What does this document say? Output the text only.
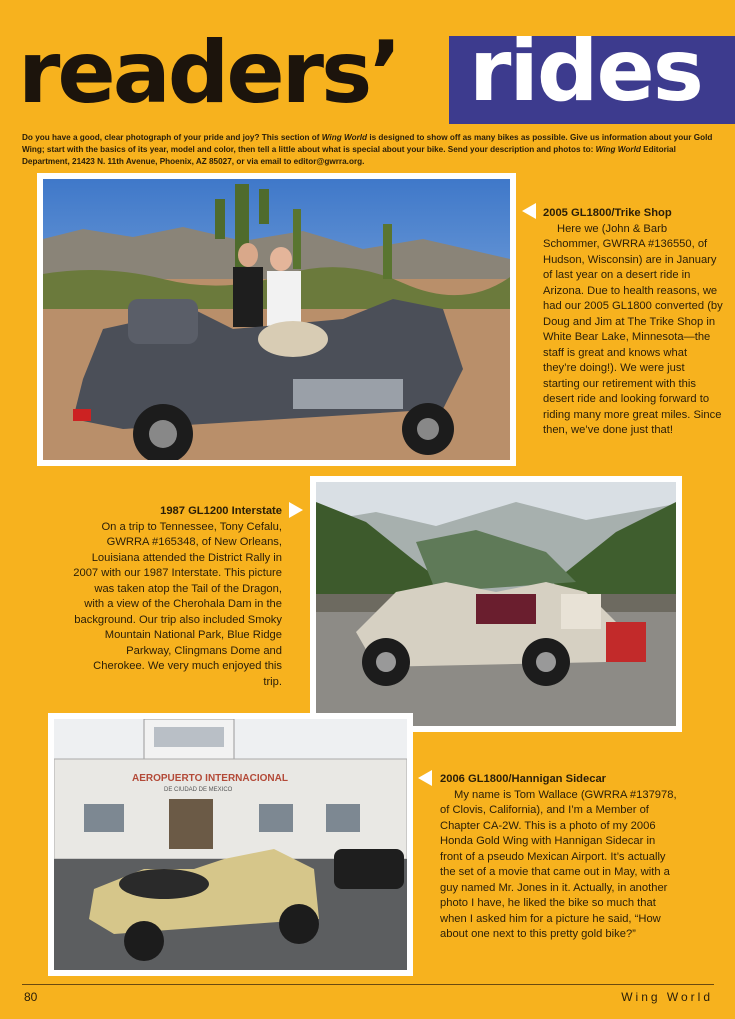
readers’ rides
Do you have a good, clear photograph of your pride and joy? This section of Wing World is designed to show off as many bikes as possible. Give us information about your Gold Wing; start with the basics of its year, model and color, then tell a little about what is special about your bike. Send your description and photos to: Wing World Editorial Department, 21423 N. 11th Avenue, Phoenix, AZ 85027, or via email to editor@gwrra.org.
2005 GL1800/Trike Shop
Here we (John & Barb Schommer, GWRRA #136550, of Hudson, Wisconsin) are in January of last year on a desert ride in Arizona. Due to health reasons, we had our 2005 GL1800 converted (by Doug and Jim at The Trike Shop in White Bear Lake, Minnesota—the staff is great and knows what they’re doing!). We were just starting our retirement with this desert ride and looking forward to riding many more great miles. Since then, we’ve done just that!
1987 GL1200 Interstate
On a trip to Tennessee, Tony Cefalu, GWRRA #165348, of New Orleans, Louisiana attended the District Rally in 2007 with our 1987 Interstate. This picture was taken atop the Tail of the Dragon, with a view of the Cherohala Dam in the background. Our trip also included Smoky Mountain National Park, Blue Ridge Parkway, Clingmans Dome and Cherokee. We very much enjoyed this trip.
AEROPUERTO INTERNACIONAL
DE CIUDAD DE MEXICO
2006 GL1800/Hannigan Sidecar
My name is Tom Wallace (GWRRA #137978, of Clovis, California), and I’m a Member of Chapter CA-2W. This is a photo of my 2006 Honda Gold Wing with Hannigan Sidecar in front of a pseudo Mexican Airport. It’s actually the set of a movie that came out in May, with a guy named Mr. Jones in it. Actually, in another photo I have, he liked the bike so much that when I asked him for a picture he said, “How about one next to this pretty gold bike?”
80	Wing World
